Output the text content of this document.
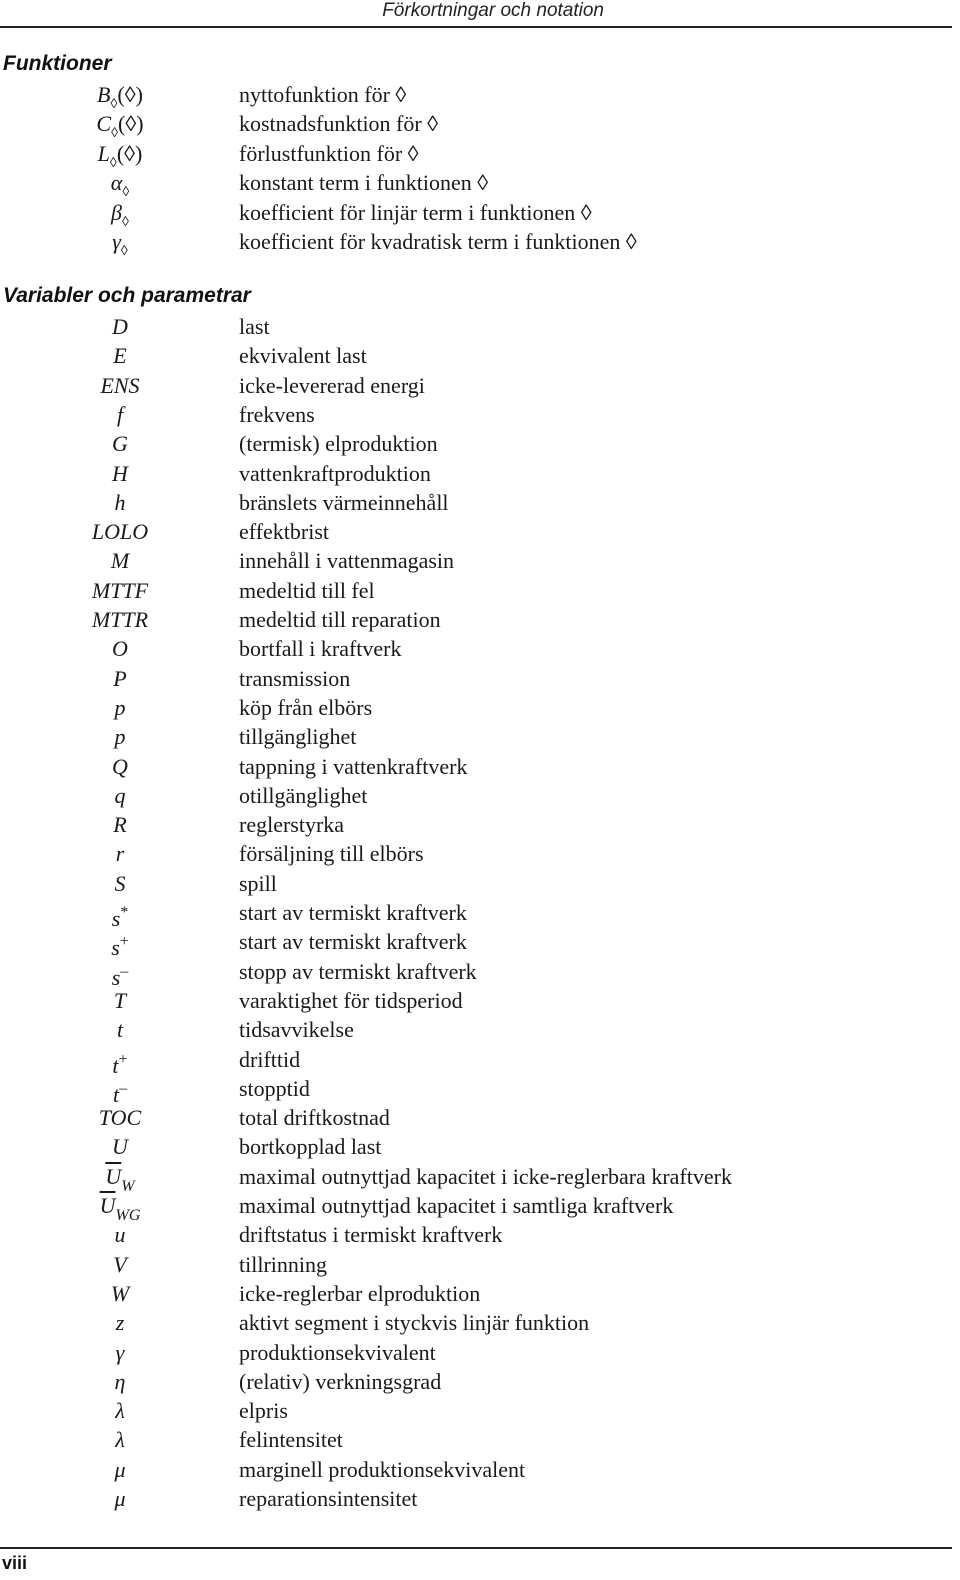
Förkortningar och notation
Funktioner
$B_◊(◊)$	nyttofunktion för ◊
$C_◊(◊)$	kostnadsfunktion för ◊
$L_◊(◊)$	förlustfunktion för ◊
$\alpha_◊$	konstant term i funktionen ◊
$\beta_◊$	koefficient för linjär term i funktionen ◊
$\gamma_◊$	koefficient för kvadratisk term i funktionen ◊
Variabler och parametrar
D	last
E	ekvivalent last
ENS	icke-levererad energi
f	frekvens
G	(termisk) elproduktion
H	vattenkraftproduktion
h	bränslets värmeinnehåll
LOLO	effektbrist
M	innehåll i vattenmagasin
MTTF	medeltid till fel
MTTR	medeltid till reparation
O	bortfall i kraftverk
P	transmission
p	köp från elbörs
p	tillgänglighet
Q	tappning i vattenkraftverk
q	otillgänglighet
R	reglerstyrka
r	försäljning till elbörs
S	spill
s*	start av termiskt kraftverk
s+	start av termiskt kraftverk
s–	stopp av termiskt kraftverk
T	varaktighet för tidsperiod
t	tidsavvikelse
t+	drifttid
t–	stopptid
TOC	total driftkostnad
U	bortkopplad last
$\overline{U}_W$	maximal outnyttjad kapacitet i icke-reglerbara kraftverk
$\overline{U}_{WG}$	maximal outnyttjad kapacitet i samtliga kraftverk
u	driftstatus i termiskt kraftverk
V	tillrinning
W	icke-reglerbar elproduktion
z	aktivt segment i styckvis linjär funktion
γ	produktionsekvivalent
η	(relativ) verkningsgrad
λ	elpris
λ	felintensitet
μ	marginell produktionsekvivalent
μ	reparationsintensitet
viii
